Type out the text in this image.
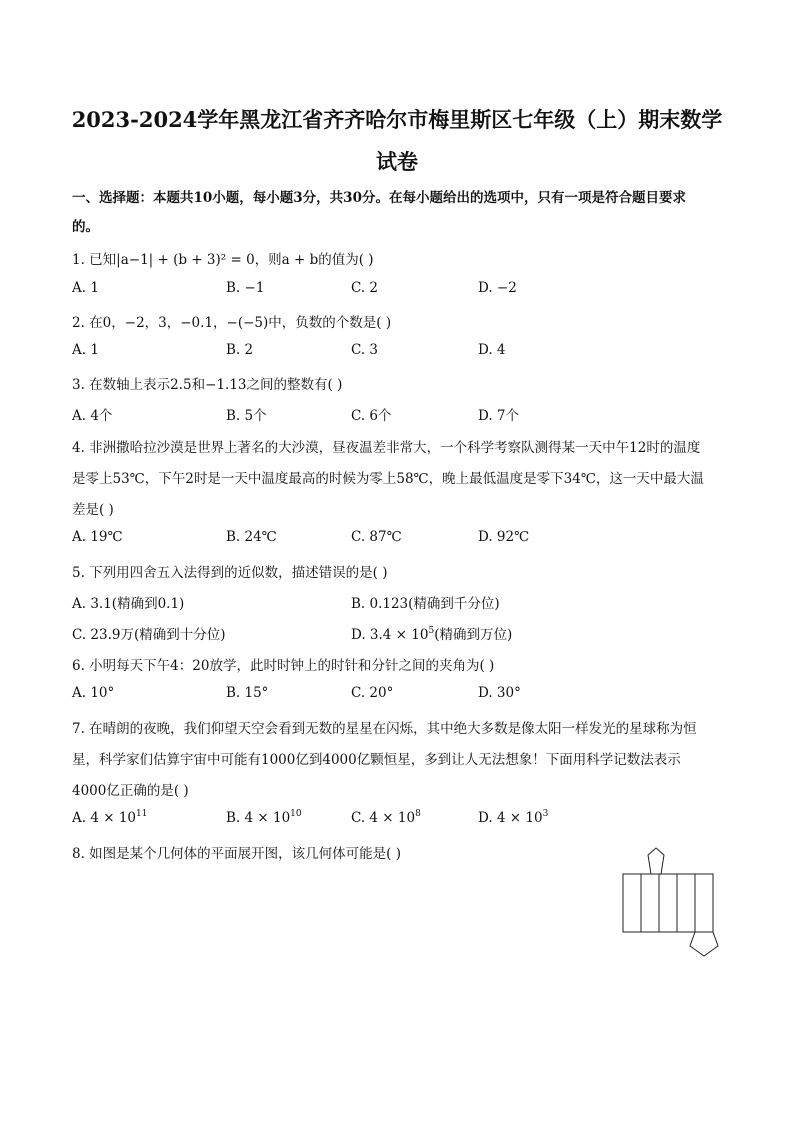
2023-2024学年黑龙江省齐齐哈尔市梅里斯区七年级（上）期末数学
试卷
一、选择题：本题共10小题，每小题3分，共30分。在每小题给出的选项中，只有一项是符合题目要求
的。
1. 已知|a−1| + (b + 3)² = 0，则a + b的值为( )
A. 1	B. −1	C. 2	D. −2
2. 在0，−2，3，−0.1，−(−5)中，负数的个数是( )
A. 1	B. 2	C. 3	D. 4
3. 在数轴上表示2.5和−1.13之间的整数有( )
A. 4个	B. 5个	C. 6个	D. 7个
4. 非洲撒哈拉沙漠是世界上著名的大沙漠，昼夜温差非常大，一个科学考察队测得某一天中午12时的温度
是零上53℃，下午2时是一天中温度最高的时候为零上58℃，晚上最低温度是零下34℃，这一天中最大温
差是( )
A. 19℃	B. 24℃	C. 87℃	D. 92℃
5. 下列用四舍五入法得到的近似数，描述错误的是( )
A. 3.1(精确到0.1)	B. 0.123(精确到千分位)
C. 23.9万(精确到十分位)	D. $3.4 \times 10^5$(精确到万位)
6. 小明每天下午4：20放学，此时时钟上的时针和分针之间的夹角为( )
A. 10°	B. 15°	C. 20°	D. 30°
7. 在晴朗的夜晚，我们仰望天空会看到无数的星星在闪烁，其中绝大多数是像太阳一样发光的星球称为恒
星，科学家们估算宇宙中可能有1000亿到4000亿颗恒星，多到让人无法想象！下面用科学记数法表示
4000亿正确的是( )
A. $4 \times 10^{11}$	B. $4 \times 10^{10}$	C. $4 \times 10^8$	D. $4 \times 10^3$
8. 如图是某个几何体的平面展开图，该几何体可能是( )
